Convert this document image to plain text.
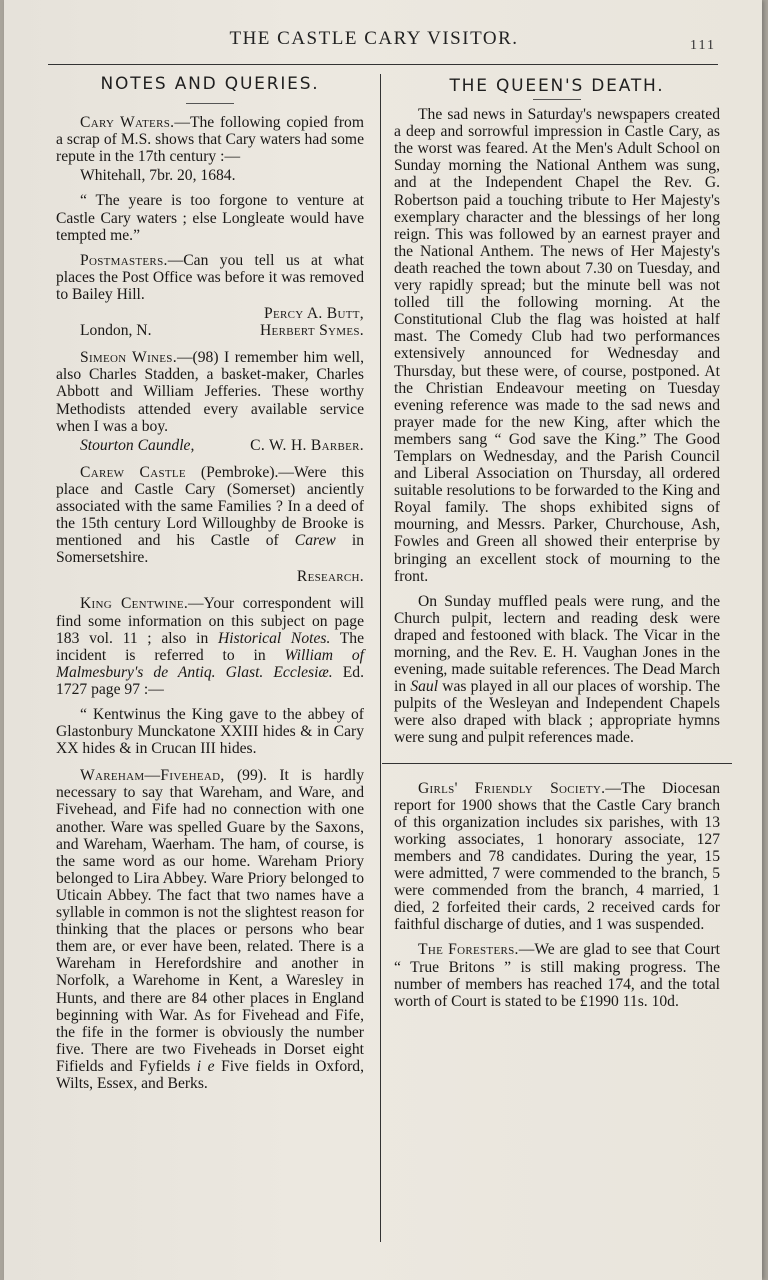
THE CASTLE CARY VISITOR.	111
NOTES AND QUERIES.

Cary Waters.—The following copied from a scrap of M.S. shows that Cary waters had some repute in the 17th century :—

Whitehall, 7br. 20, 1684.

“ The yeare is too forgone to venture at Castle Cary waters ; else Longleate would have tempted me.”

Postmasters.—Can you tell us at what places the Post Office was before it was removed to Bailey Hill.

Percy A. Butt,

London, N.	Herbert Symes.

Simeon Wines.—(98) I remember him well, also Charles Stadden, a basket-maker, Charles Abbott and William Jefferies. These worthy Methodists attended every available service when I was a boy.

Stourton Caundle,	C. W. H. Barber.

Carew Castle (Pembroke).—Were this place and Castle Cary (Somerset) anciently associated with the same Families ? In a deed of the 15th century Lord Willoughby de Brooke is mentioned and his Castle of Carew in Somersetshire.

Research.

King Centwine.—Your correspondent will find some information on this subject on page 183 vol. 11 ; also in Historical Notes. The incident is referred to in William of Malmesbury's de Antiq. Glast. Ecclesiæ. Ed. 1727 page 97 :—

“ Kentwinus the King gave to the abbey of Glastonbury Munckatone XXIII hides & in Cary XX hides & in Crucan III hides.

Wareham—Fivehead, (99). It is hardly necessary to say that Wareham, and Ware, and Fivehead, and Fife had no connection with one another. Ware was spelled Guare by the Saxons, and Wareham, Waerham. The ham, of course, is the same word as our home. Wareham Priory belonged to Lira Abbey. Ware Priory belonged to Uticain Abbey. The fact that two names have a syllable in common is not the slightest reason for thinking that the places or persons who bear them are, or ever have been, related. There is a Wareham in Herefordshire and another in Norfolk, a Warehome in Kent, a Waresley in Hunts, and there are 84 other places in England beginning with War. As for Fivehead and Fife, the fife in the former is obviously the number five. There are two Fiveheads in Dorset eight Fifields and Fyfields i e Five fields in Oxford, Wilts, Essex, and Berks.

THE QUEEN'S DEATH.

The sad news in Saturday's newspapers created a deep and sorrowful impression in Castle Cary, as the worst was feared. At the Men's Adult School on Sunday morning the National Anthem was sung, and at the Independent Chapel the Rev. G. Robertson paid a touching tribute to Her Majesty's exemplary character and the blessings of her long reign. This was followed by an earnest prayer and the National Anthem. The news of Her Majesty's death reached the town about 7.30 on Tuesday, and very rapidly spread; but the minute bell was not tolled till the following morning. At the Constitutional Club the flag was hoisted at half mast. The Comedy Club had two performances extensively announced for Wednesday and Thursday, but these were, of course, postponed. At the Christian Endeavour meeting on Tuesday evening reference was made to the sad news and prayer made for the new King, after which the members sang “ God save the King.” The Good Templars on Wednesday, and the Parish Council and Liberal Association on Thursday, all ordered suitable resolutions to be forwarded to the King and Royal family. The shops exhibited signs of mourning, and Messrs. Parker, Churchouse, Ash, Fowles and Green all showed their enterprise by bringing an excellent stock of mourning to the front.

On Sunday muffled peals were rung, and the Church pulpit, lectern and reading desk were draped and festooned with black. The Vicar in the morning, and the Rev. E. H. Vaughan Jones in the evening, made suitable references. The Dead March in Saul was played in all our places of worship. The pulpits of the Wesleyan and Independent Chapels were also draped with black ; appropriate hymns were sung and pulpit references made.

Girls' Friendly Society.—The Diocesan report for 1900 shows that the Castle Cary branch of this organization includes six parishes, with 13 working associates, 1 honorary associate, 127 members and 78 candidates. During the year, 15 were admitted, 7 were commended to the branch, 5 were commended from the branch, 4 married, 1 died, 2 forfeited their cards, 2 received cards for faithful discharge of duties, and 1 was suspended.

The Foresters.—We are glad to see that Court “ True Britons ” is still making progress. The number of members has reached 174, and the total worth of Court is stated to be £1990 11s. 10d.
